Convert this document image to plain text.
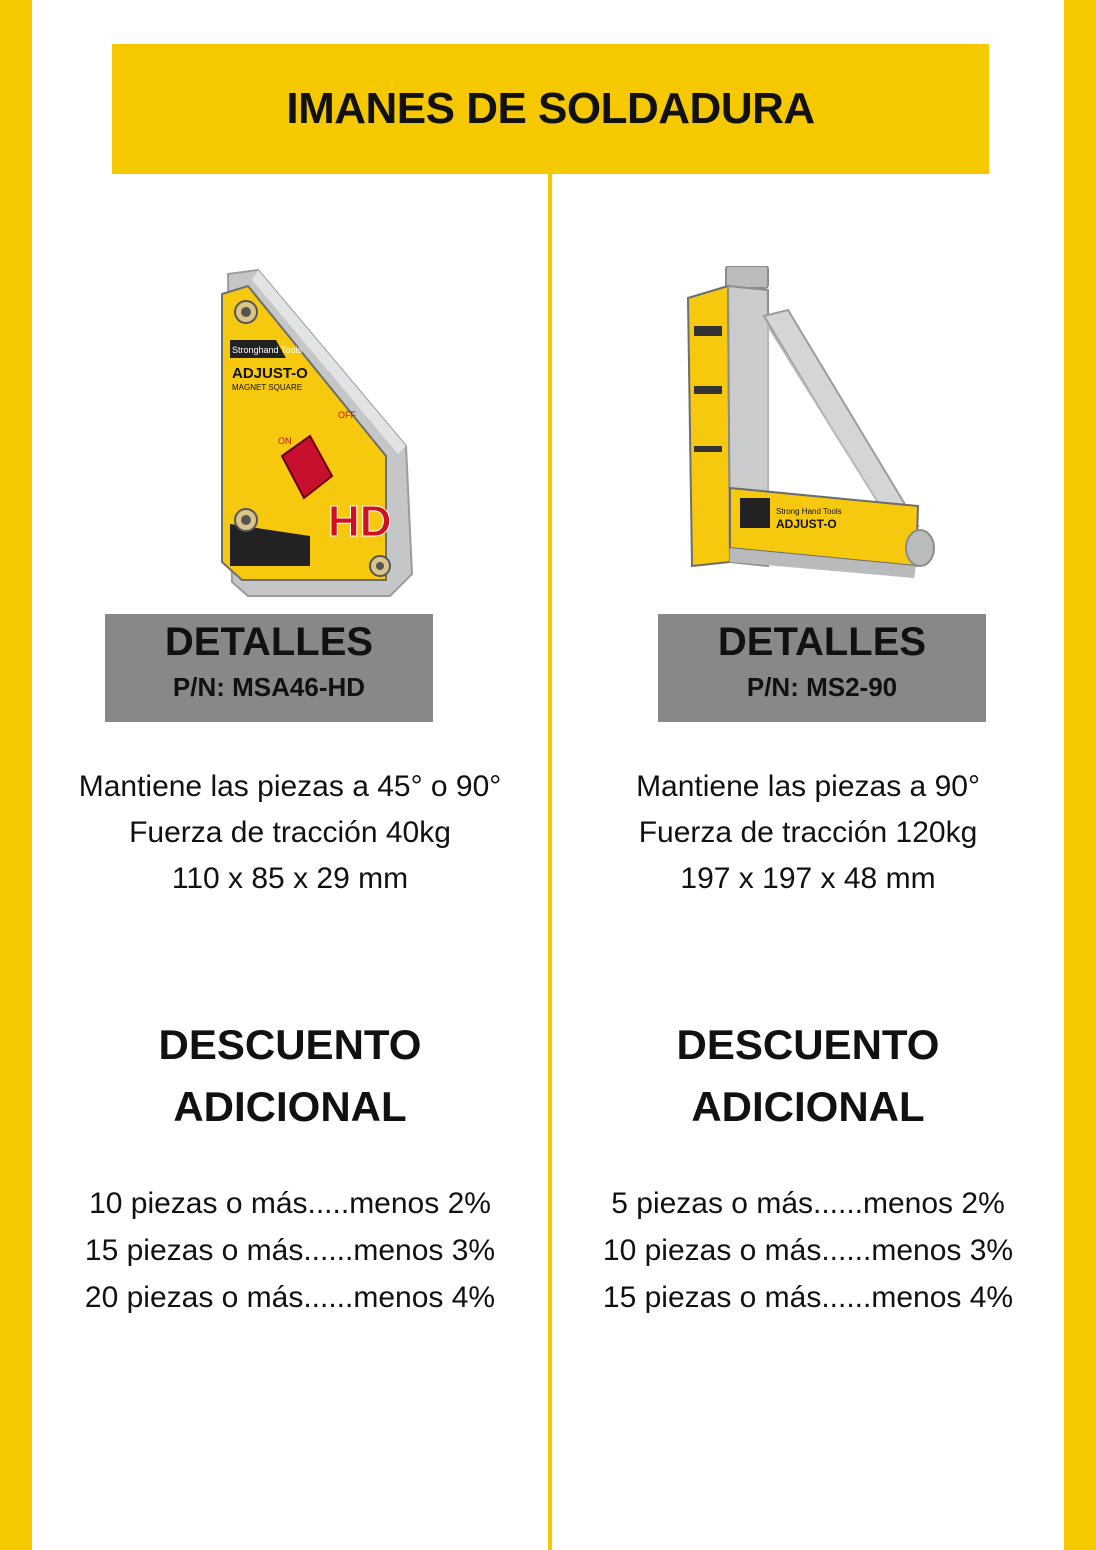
IMANES DE SOLDADURA
Stronghand Tools
ADJUST-O
MAGNET SQUARE
ON
OFF
HD
DETALLES
P/N: MSA46-HD
Mantiene las piezas a 45° o 90°
Fuerza de tracción 40kg
110 x 85 x 29 mm
DESCUENTO
ADICIONAL
10 piezas o más.....menos 2%
15 piezas o más......menos 3%
20 piezas o más......menos 4%
Strong Hand Tools
ADJUST-O
DETALLES
P/N: MS2-90
Mantiene las piezas a 90°
Fuerza de tracción 120kg
197 x 197 x 48 mm
DESCUENTO
ADICIONAL
5 piezas o más......menos 2%
10 piezas o más......menos 3%
15 piezas o más......menos 4%
